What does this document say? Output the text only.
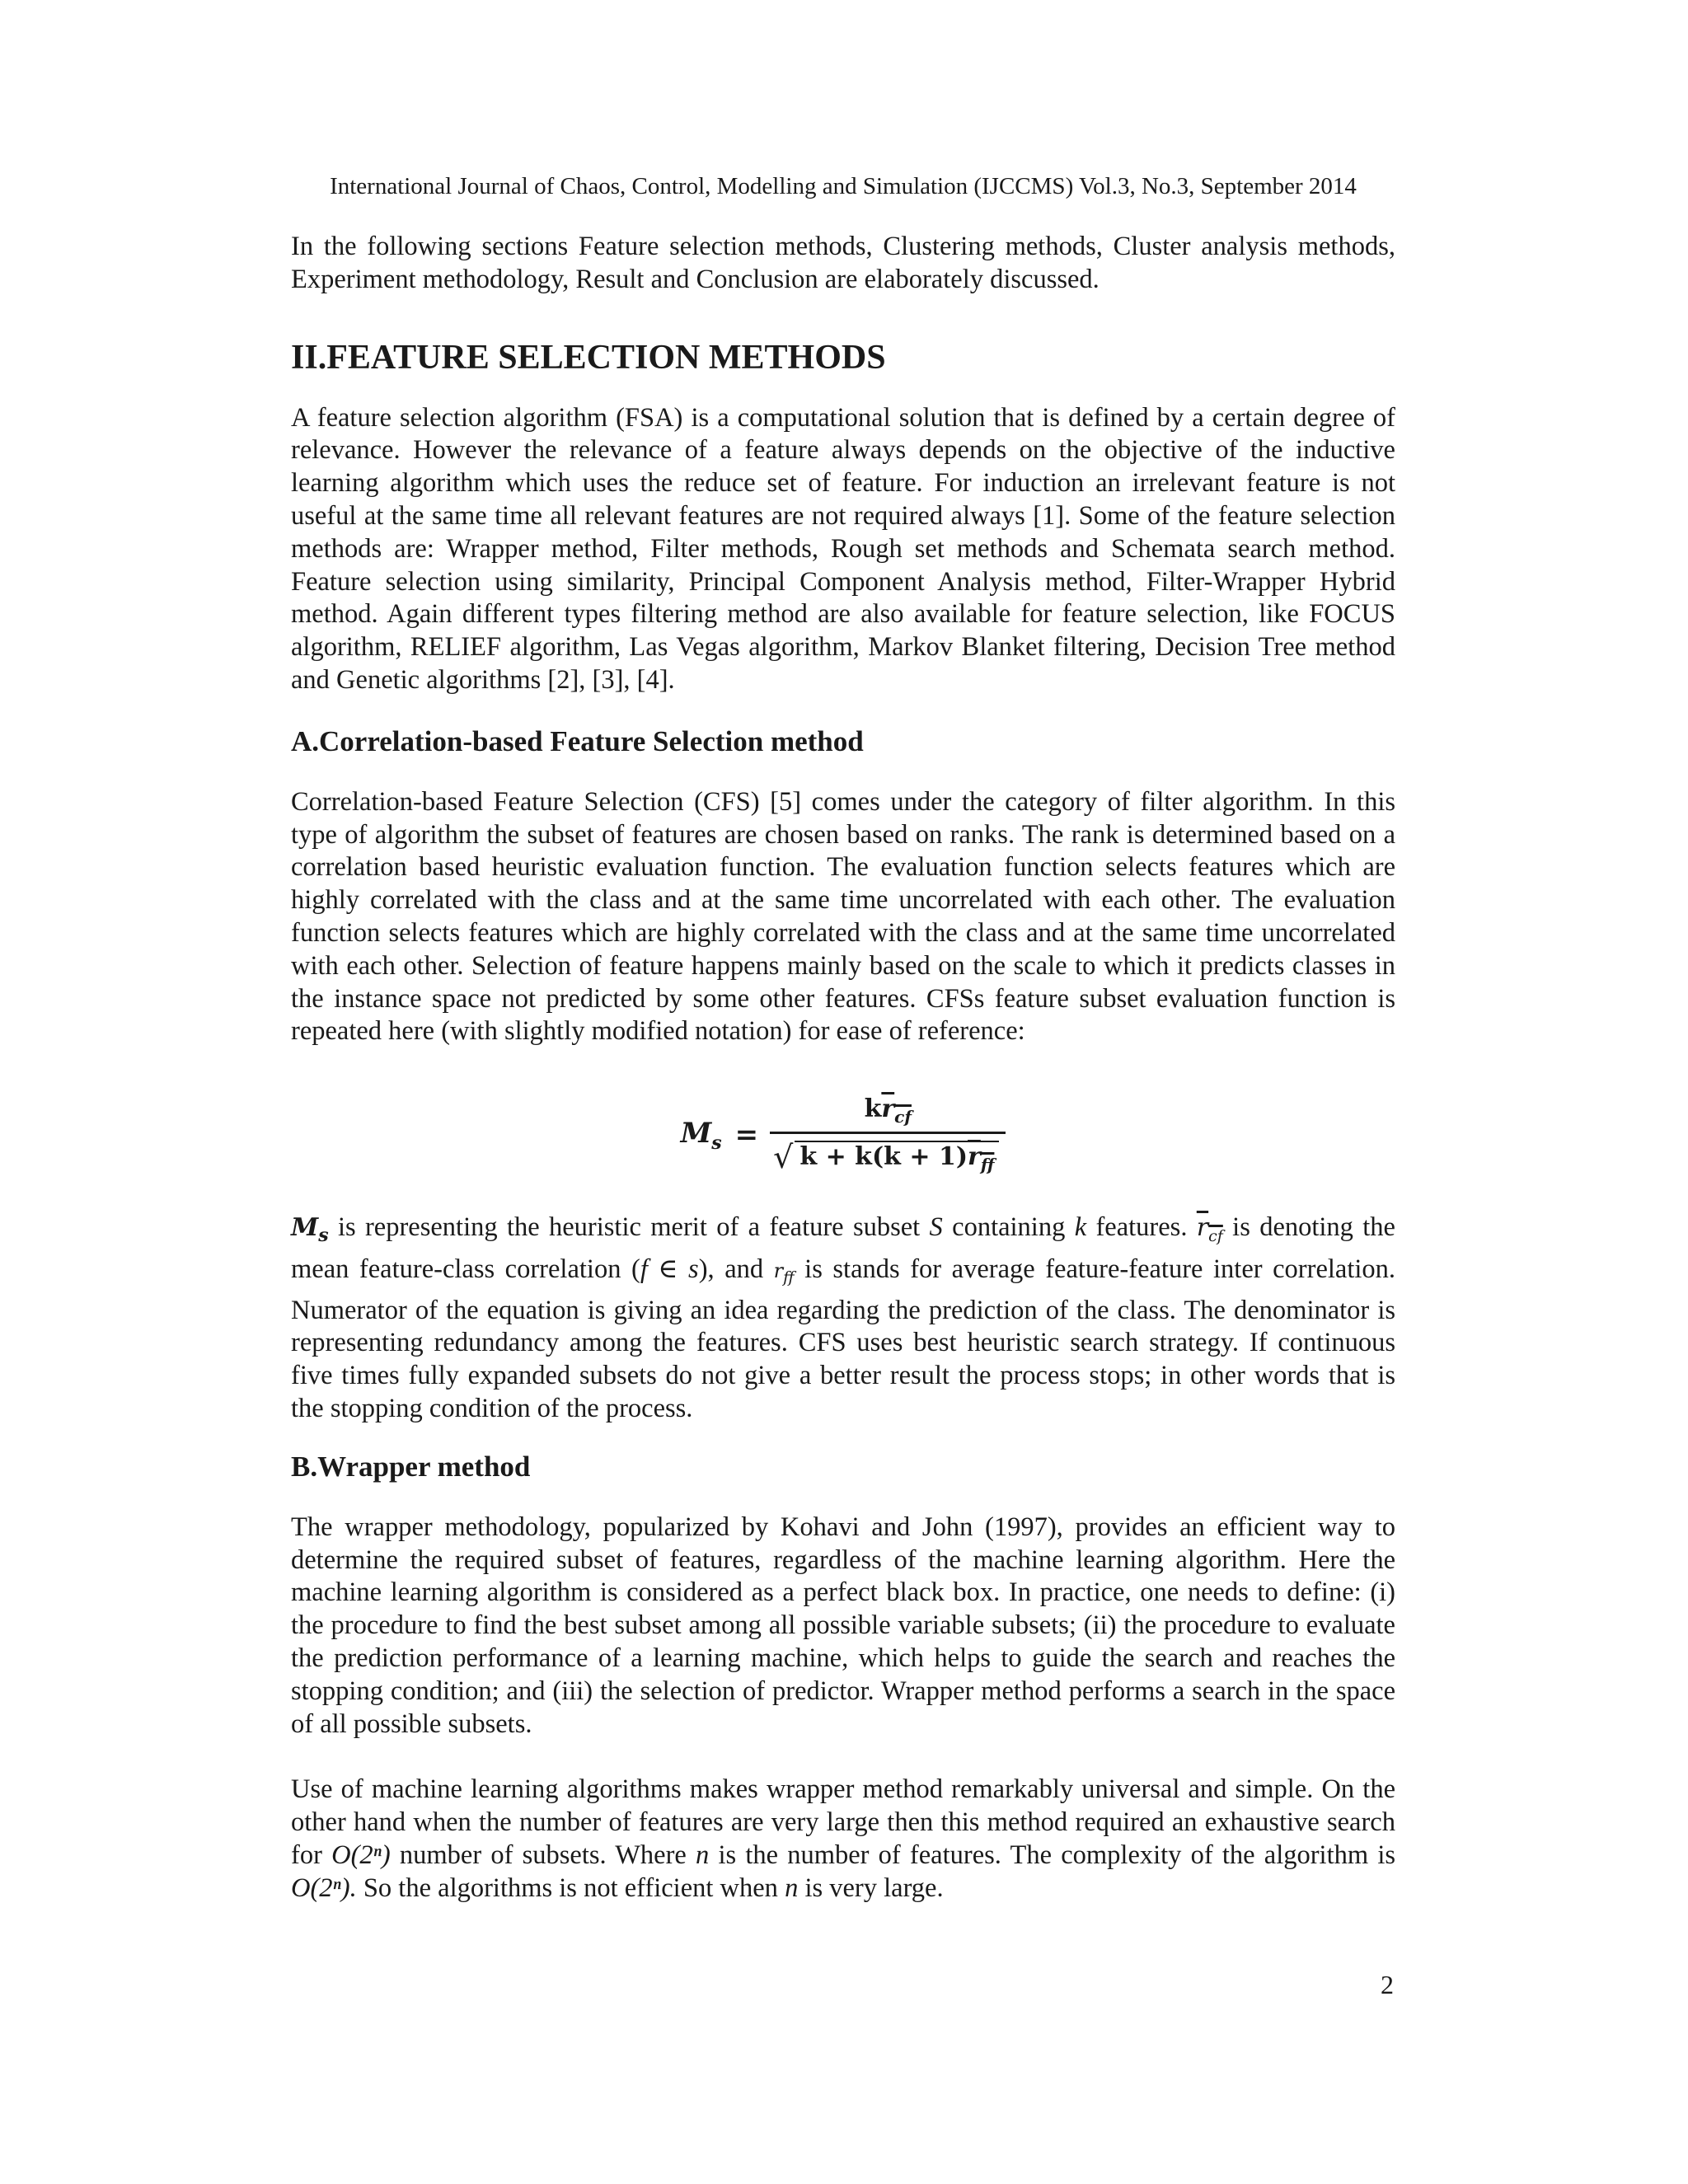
International Journal of Chaos, Control, Modelling and Simulation (IJCCMS) Vol.3, No.3, September 2014

In the following sections Feature selection methods, Clustering methods, Cluster analysis methods, Experiment methodology, Result and Conclusion are elaborately discussed.

II.FEATURE SELECTION METHODS

A feature selection algorithm (FSA) is a computational solution that is defined by a certain degree of relevance. However the relevance of a feature always depends on the objective of the inductive learning algorithm which uses the reduce set of feature. For induction an irrelevant feature is not useful at the same time all relevant features are not required always [1]. Some of the feature selection methods are: Wrapper method, Filter methods, Rough set methods and Schemata search method. Feature selection using similarity, Principal Component Analysis method, Filter-Wrapper Hybrid method. Again different types filtering method are also available for feature selection, like FOCUS algorithm, RELIEF algorithm, Las Vegas algorithm, Markov Blanket filtering, Decision Tree method and Genetic algorithms [2], [3], [4].

A.Correlation-based Feature Selection method

Correlation-based Feature Selection (CFS) [5] comes under the category of filter algorithm. In this type of algorithm the subset of features are chosen based on ranks. The rank is determined based on a correlation based heuristic evaluation function. The evaluation function selects features which are highly correlated with the class and at the same time uncorrelated with each other. The evaluation function selects features which are highly correlated with the class and at the same time uncorrelated with each other. Selection of feature happens mainly based on the scale to which it predicts classes in the instance space not predicted by some other features. CFSs feature subset evaluation function is repeated here (with slightly modified notation) for ease of reference:

$M_s = \frac{kr_{cf}}{√ k + k(k + 1)r_{ff}}$

$M_s$ is representing the heuristic merit of a feature subset S containing k features. $r_{cf}$ is denoting the mean feature-class correlation (f ∈ s), and $r_{ff}$ is stands for average feature-feature inter correlation. Numerator of the equation is giving an idea regarding the prediction of the class. The denominator is representing redundancy among the features. CFS uses best heuristic search strategy. If continuous five times fully expanded subsets do not give a better result the process stops; in other words that is the stopping condition of the process.

B.Wrapper method

The wrapper methodology, popularized by Kohavi and John (1997), provides an efficient way to determine the required subset of features, regardless of the machine learning algorithm. Here the machine learning algorithm is considered as a perfect black box. In practice, one needs to define: (i) the procedure to find the best subset among all possible variable subsets; (ii) the procedure to evaluate the prediction performance of a learning machine, which helps to guide the search and reaches the stopping condition; and (iii) the selection of predictor. Wrapper method performs a search in the space of all possible subsets.

Use of machine learning algorithms makes wrapper method remarkably universal and simple. On the other hand when the number of features are very large then this method required an exhaustive search for O(2ⁿ) number of subsets. Where n is the number of features. The complexity of the algorithm is O(2ⁿ). So the algorithms is not efficient when n is very large.

2
